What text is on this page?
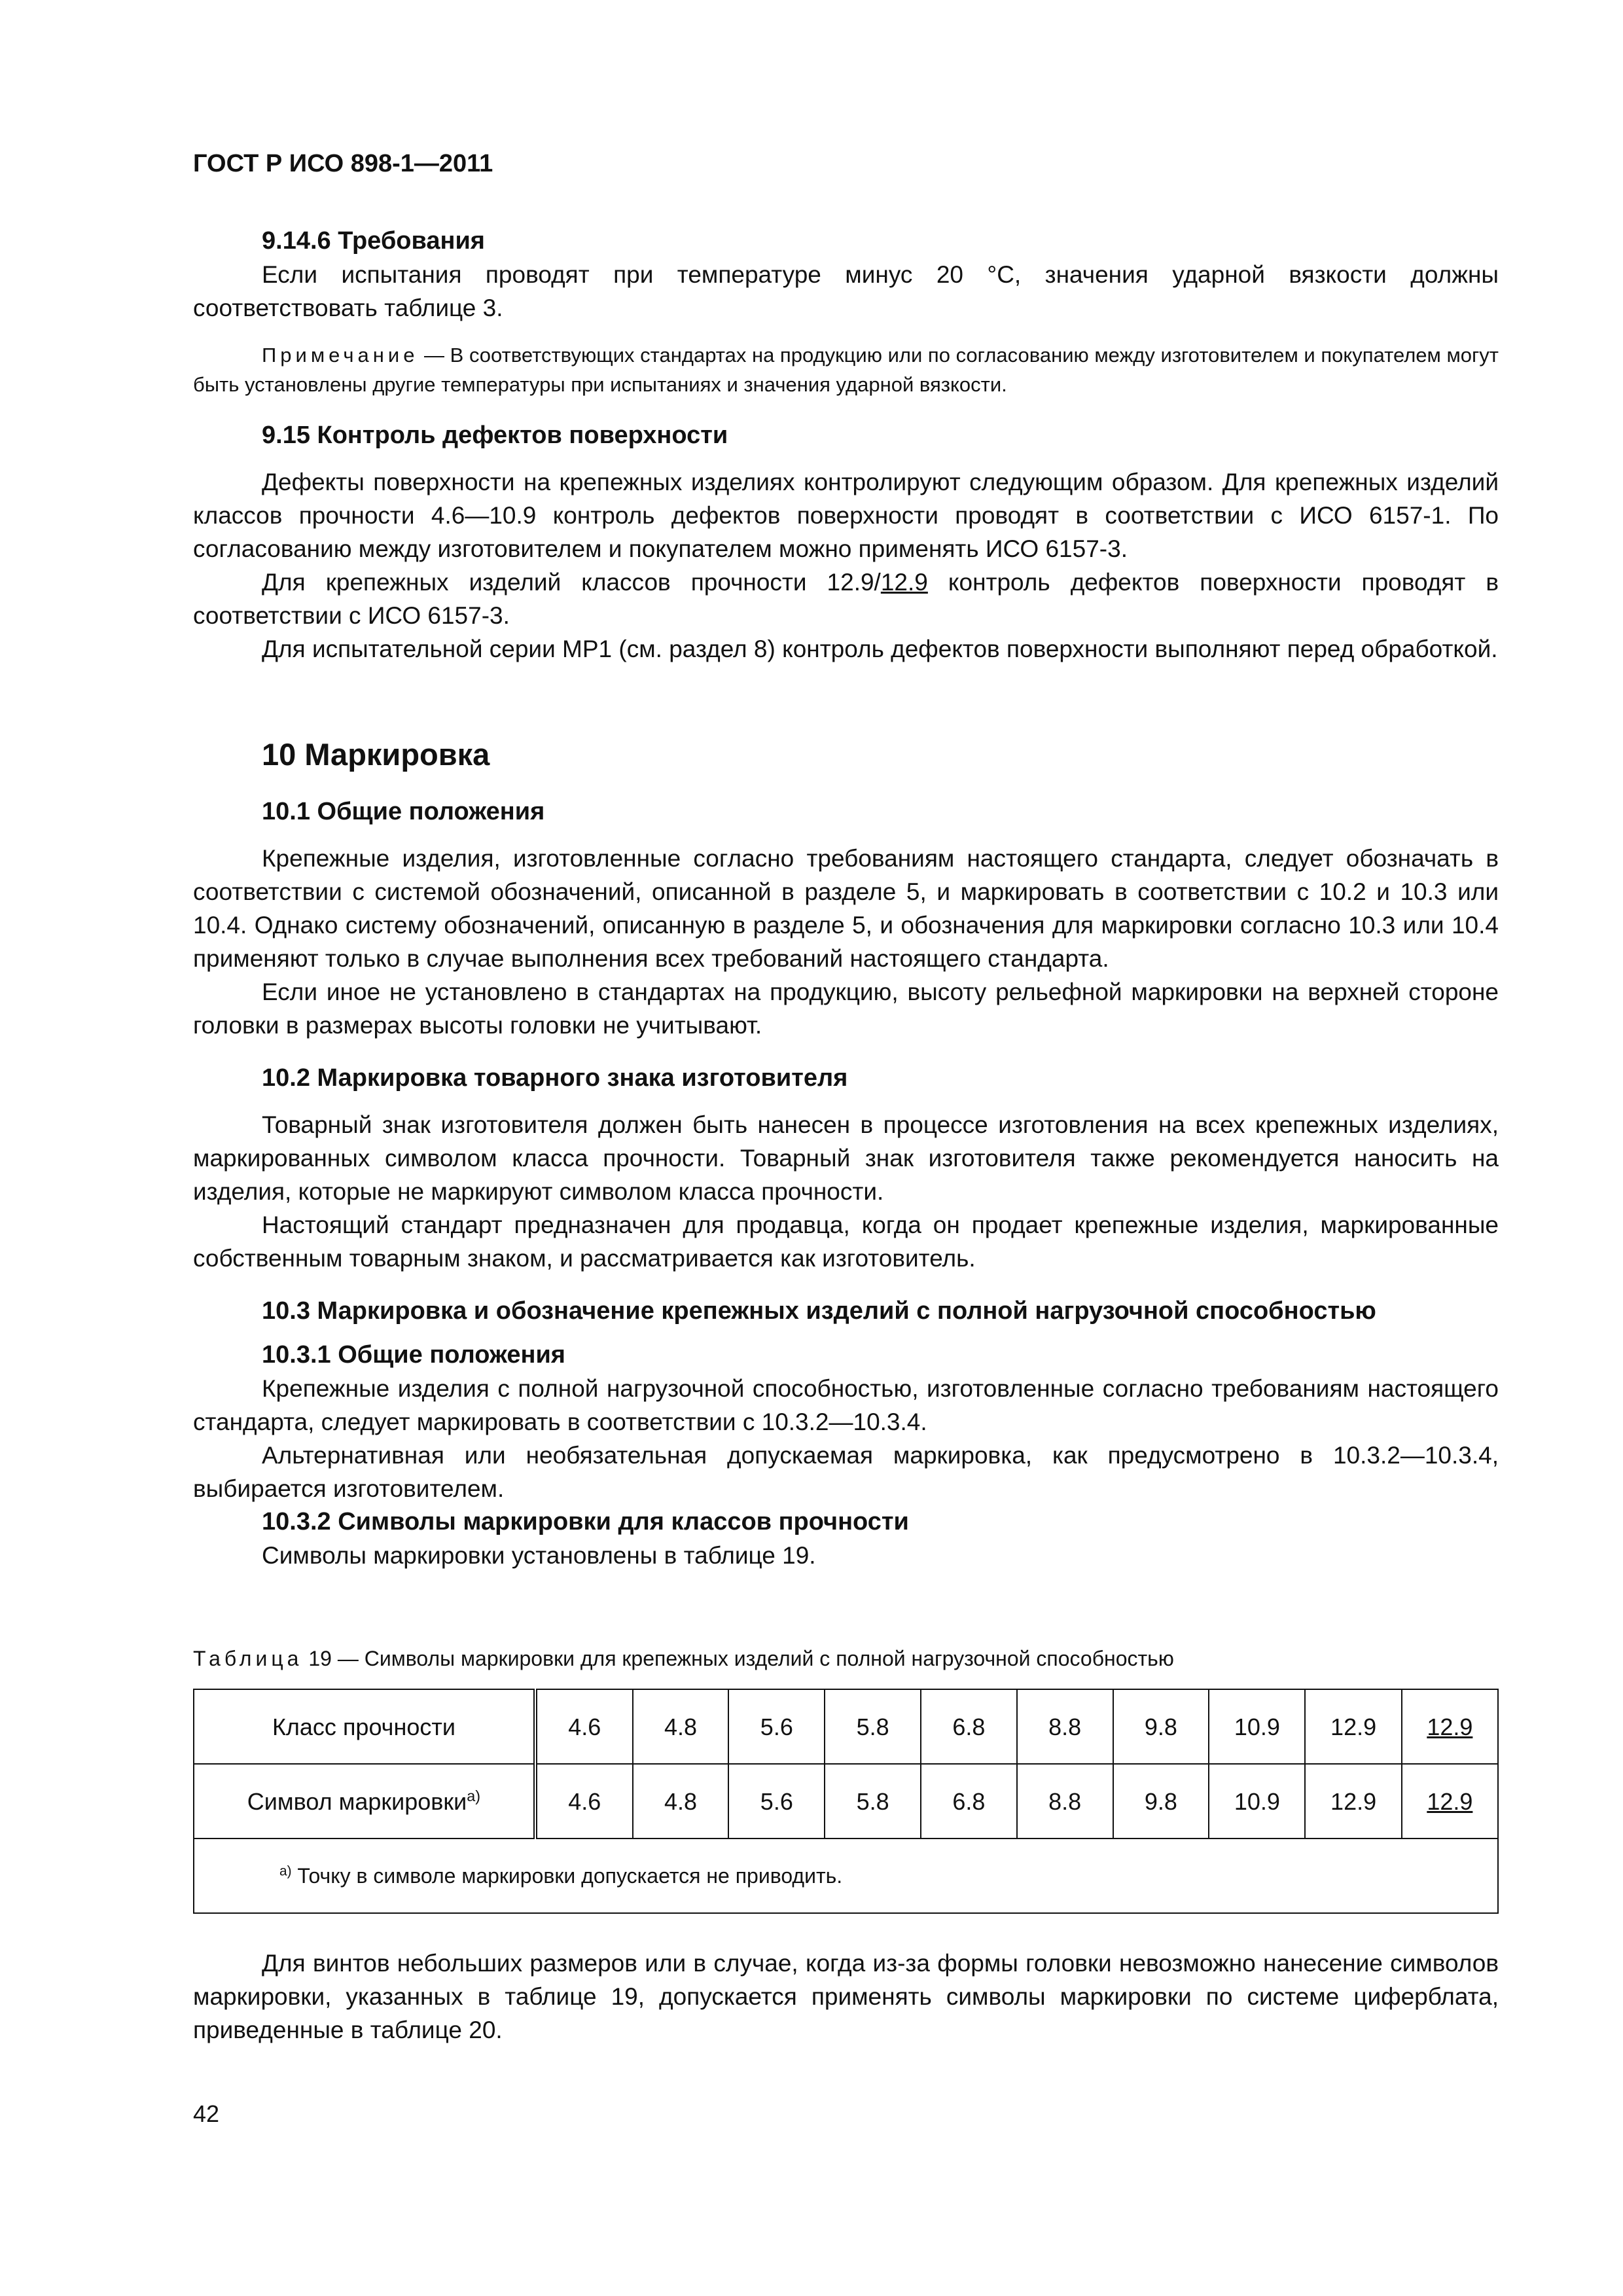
ГОСТ Р ИСО 898-1—2011

9.14.6 Требования

Если испытания проводят при температуре минус 20 °С, значения ударной вязкости должны соответствовать таблице 3.

Примечание — В соответствующих стандартах на продукцию или по согласованию между изготовителем и покупателем могут быть установлены другие температуры при испытаниях и значения ударной вязкости.

9.15 Контроль дефектов поверхности

Дефекты поверхности на крепежных изделиях контролируют следующим образом. Для крепежных изделий классов прочности 4.6—10.9 контроль дефектов поверхности проводят в соответствии с ИСО 6157-1. По согласованию между изготовителем и покупателем можно применять ИСО 6157-3.

Для крепежных изделий классов прочности 12.9/12.9 контроль дефектов поверхности проводят в соответствии с ИСО 6157-3.

Для испытательной серии МР1 (см. раздел 8) контроль дефектов поверхности выполняют перед обработкой.

10 Маркировка

10.1 Общие положения

Крепежные изделия, изготовленные согласно требованиям настоящего стандарта, следует обозначать в соответствии с системой обозначений, описанной в разделе 5, и маркировать в соответствии с 10.2 и 10.3 или 10.4. Однако систему обозначений, описанную в разделе 5, и обозначения для маркировки согласно 10.3 или 10.4 применяют только в случае выполнения всех требований настоящего стандарта.

Если иное не установлено в стандартах на продукцию, высоту рельефной маркировки на верхней стороне головки в размерах высоты головки не учитывают.

10.2 Маркировка товарного знака изготовителя

Товарный знак изготовителя должен быть нанесен в процессе изготовления на всех крепежных изделиях, маркированных символом класса прочности. Товарный знак изготовителя также рекомендуется наносить на изделия, которые не маркируют символом класса прочности.

Настоящий стандарт предназначен для продавца, когда он продает крепежные изделия, маркированные собственным товарным знаком, и рассматривается как изготовитель.

10.3 Маркировка и обозначение крепежных изделий с полной нагрузочной способностью

10.3.1 Общие положения

Крепежные изделия с полной нагрузочной способностью, изготовленные согласно требованиям настоящего стандарта, следует маркировать в соответствии с 10.3.2—10.3.4.

Альтернативная или необязательная допускаемая маркировка, как предусмотрено в 10.3.2—10.3.4, выбирается изготовителем.

10.3.2 Символы маркировки для классов прочности

Символы маркировки установлены в таблице 19.

Таблица 19 — Символы маркировки для крепежных изделий с полной нагрузочной способностью
Класс прочности	4.6	4.8	5.6	5.8	6.8	8.8	9.8	10.9	12.9	12.9
Символ маркировки$^{a)}$	4.6	4.8	5.6	5.8	6.8	8.8	9.8	10.9	12.9	12.9
$^{a)}$ Точку в символе маркировки допускается не приводить.										

Для винтов небольших размеров или в случае, когда из-за формы головки невозможно нанесение символов маркировки, указанных в таблице 19, допускается применять символы маркировки по системе циферблата, приведенные в таблице 20.

42
